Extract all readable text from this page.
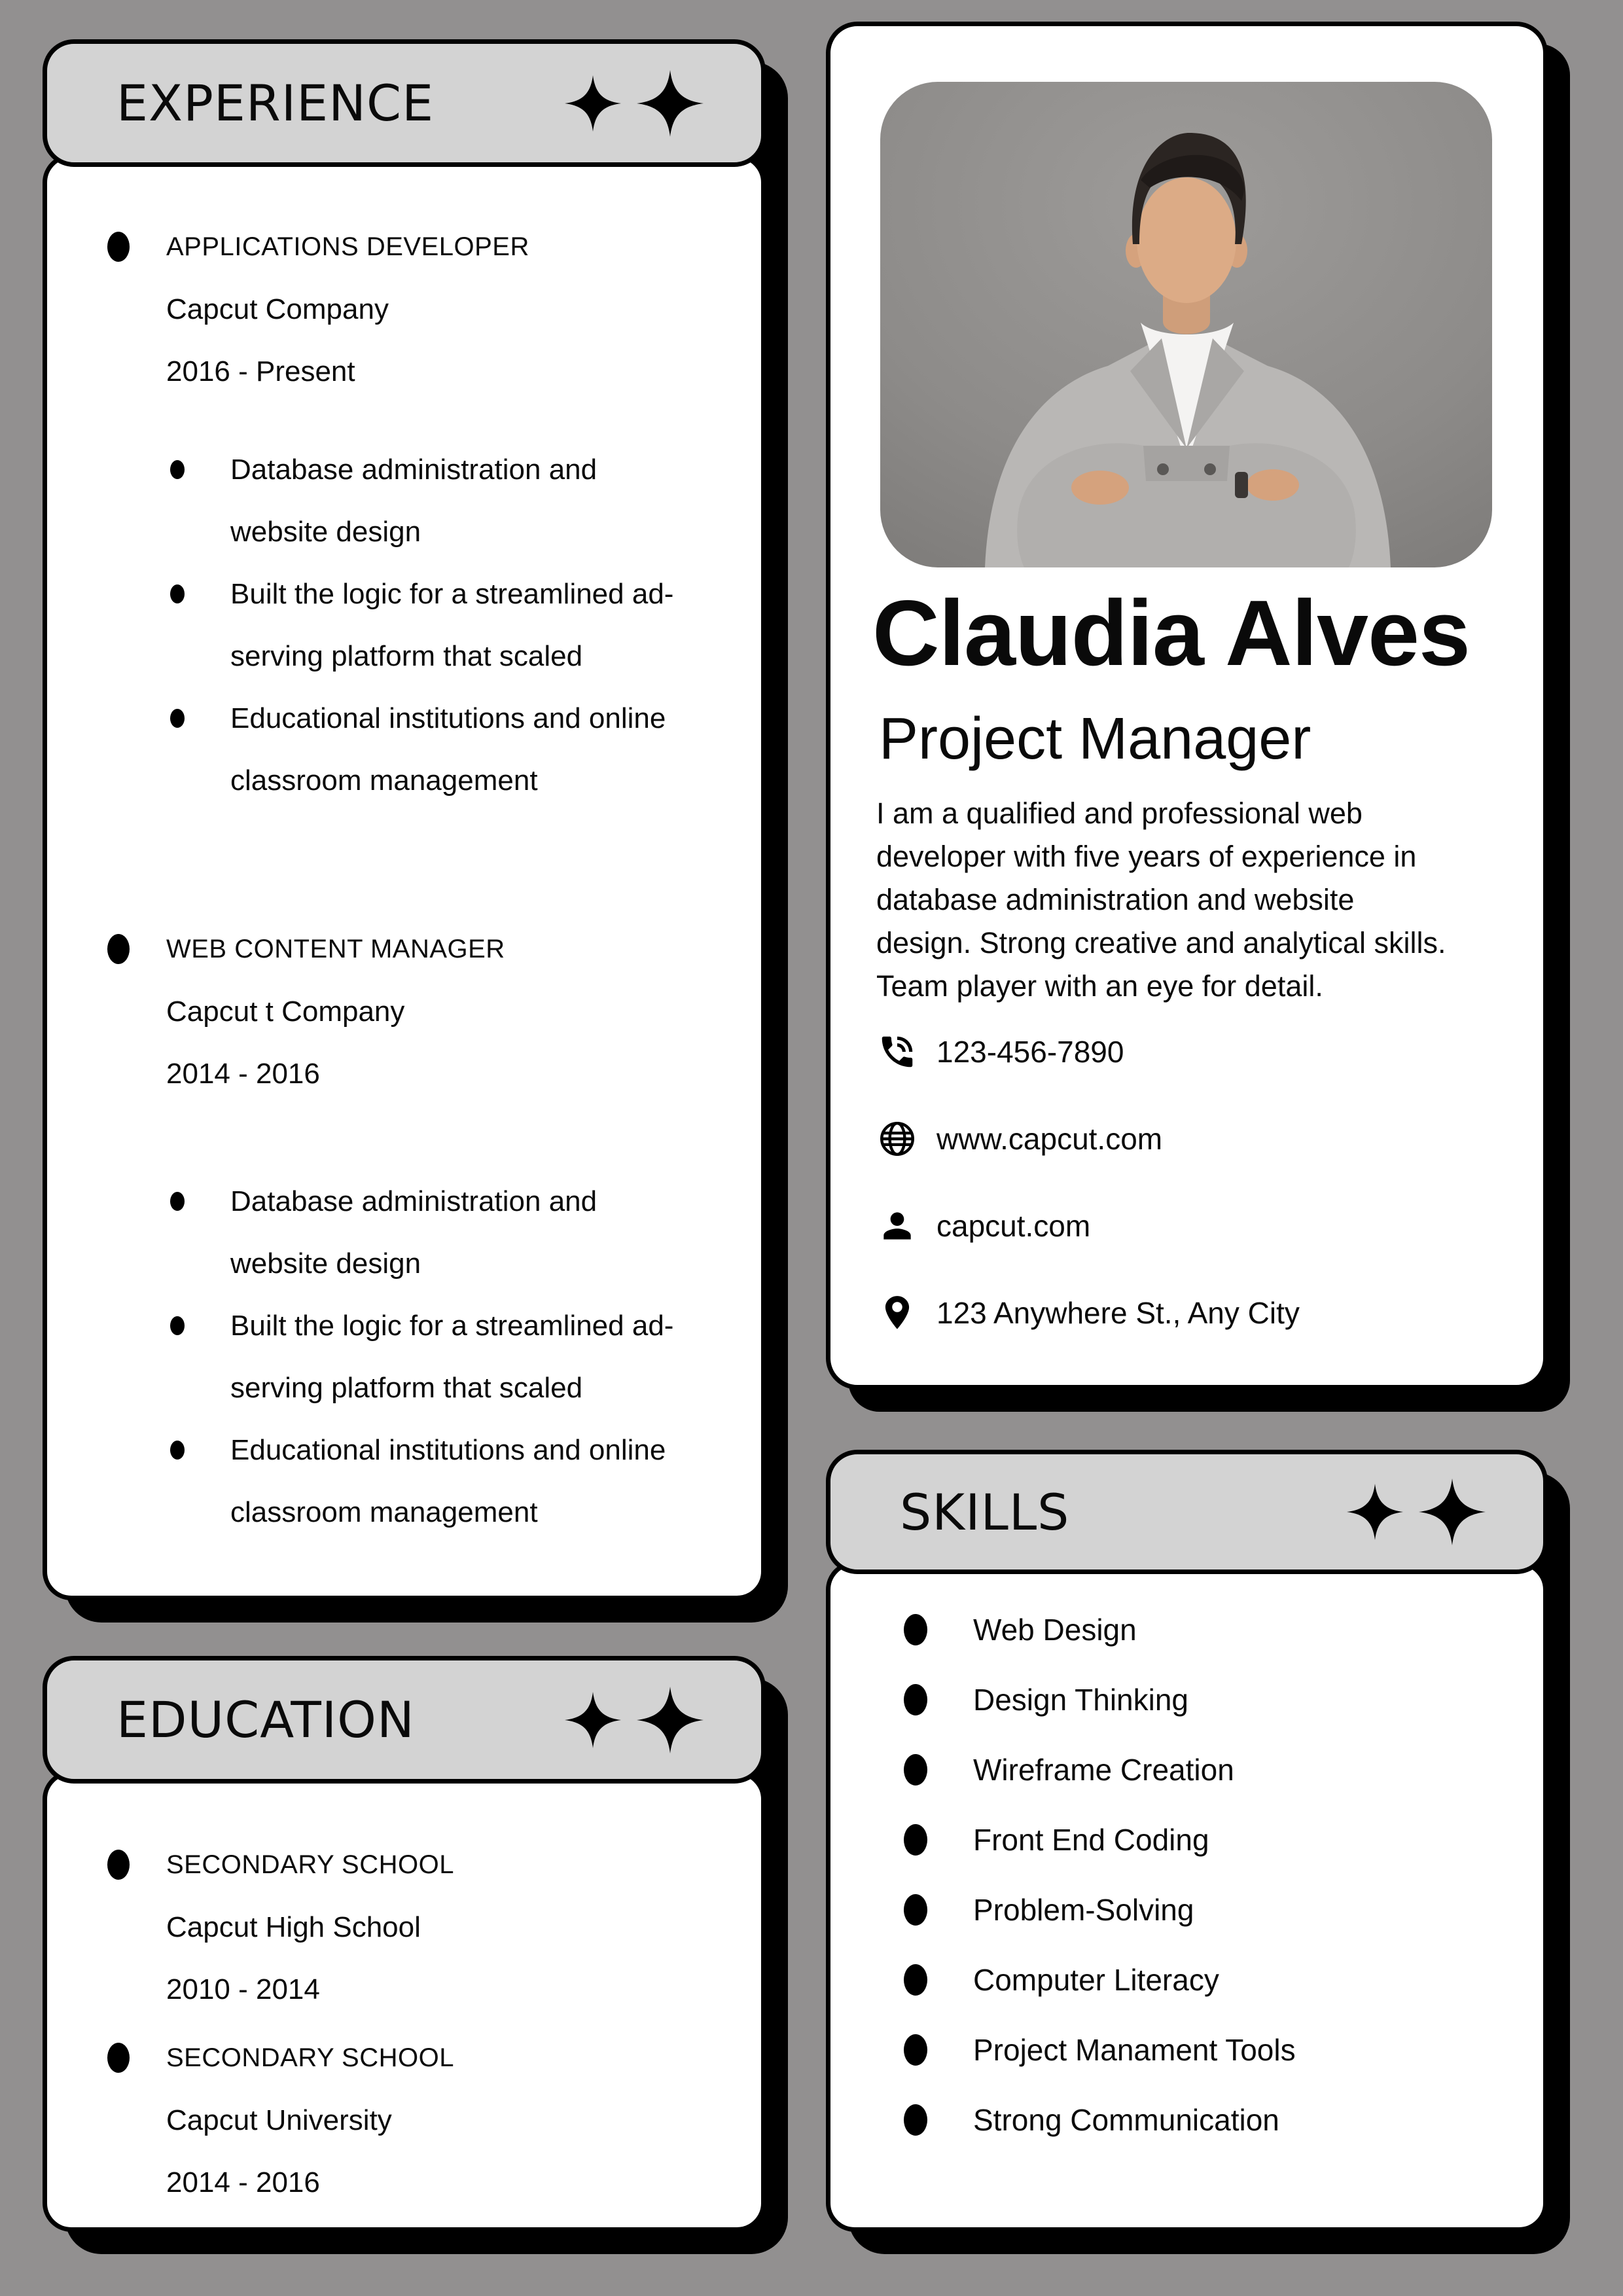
APPLICATIONS DEVELOPER
Capcut Company
2016 - Present
Database administration and
website design
Built the logic for a streamlined ad-
serving platform that scaled
Educational institutions and online
classroom management
WEB CONTENT MANAGER
Capcut t Company
2014 - 2016
Database administration and
website design
Built the logic for a streamlined ad-
serving platform that scaled
Educational institutions and online
classroom management
EXPERIENCE
SECONDARY SCHOOL
Capcut High School
2010 - 2014
SECONDARY SCHOOL
Capcut University
2014 - 2016
EDUCATION
Claudia Alves
Project Manager
I am a qualified and professional web
developer with five years of experience in
database administration and website
design. Strong creative and analytical skills.
Team player with an eye for detail.
123-456-7890
www.capcut.com
capcut.com
123 Anywhere St., Any City
Web Design
Design Thinking
Wireframe Creation
Front End Coding
Problem-Solving
Computer Literacy
Project Manament Tools
Strong Communication
SKILLS
